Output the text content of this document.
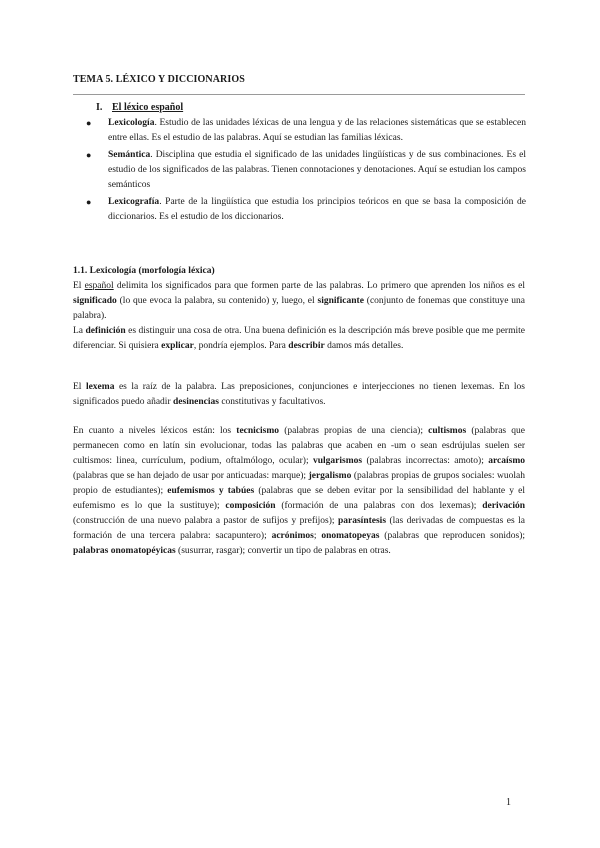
TEMA 5. LÉXICO Y DICCIONARIOS
I. El léxico español
● Lexicología. Estudio de las unidades léxicas de una lengua y de las relaciones sistemáticas que se establecen entre ellas. Es el estudio de las palabras. Aquí se estudian las familias léxicas.
● Semántica. Disciplina que estudia el significado de las unidades lingüísticas y de sus combinaciones. Es el estudio de los significados de las palabras. Tienen connotaciones y denotaciones. Aquí se estudian los campos semánticos
● Lexicografía. Parte de la lingüística que estudia los principios teóricos en que se basa la composición de diccionarios. Es el estudio de los diccionarios.

1.1. Lexicología (morfología léxica)

El español delimita los significados para que formen parte de las palabras. Lo primero que aprenden los niños es el significado (lo que evoca la palabra, su contenido) y, luego, el significante (conjunto de fonemas que constituye una palabra).

La definición es distinguir una cosa de otra. Una buena definición es la descripción más breve posible que me permite diferenciar. Si quisiera explicar, pondría ejemplos. Para describir damos más detalles.

El lexema es la raíz de la palabra. Las preposiciones, conjunciones e interjecciones no tienen lexemas. En los significados puedo añadir desinencias constitutivas y facultativos.

En cuanto a niveles léxicos están: los tecnicismo (palabras propias de una ciencia); cultismos (palabras que permanecen como en latín sin evolucionar, todas las palabras que acaben en -um o sean esdrújulas suelen ser cultismos: linea, currículum, podium, oftalmólogo, ocular); vulgarismos (palabras incorrectas: amoto); arcaísmo (palabras que se han dejado de usar por anticuadas: marque); jergalismo (palabras propias de grupos sociales: wuolah propio de estudiantes); eufemismos y tabúes (palabras que se deben evitar por la sensibilidad del hablante y el eufemismo es lo que la sustituye); composición (formación de una palabras con dos lexemas); derivación (construcción de una nuevo palabra a pastor de sufijos y prefijos); parasíntesis (las derivadas de compuestas es la formación de una tercera palabra: sacapuntero); acrónimos; onomatopeyas (palabras que reproducen sonidos); palabras onomatopéyicas (susurrar, rasgar); convertir un tipo de palabras en otras.

1
